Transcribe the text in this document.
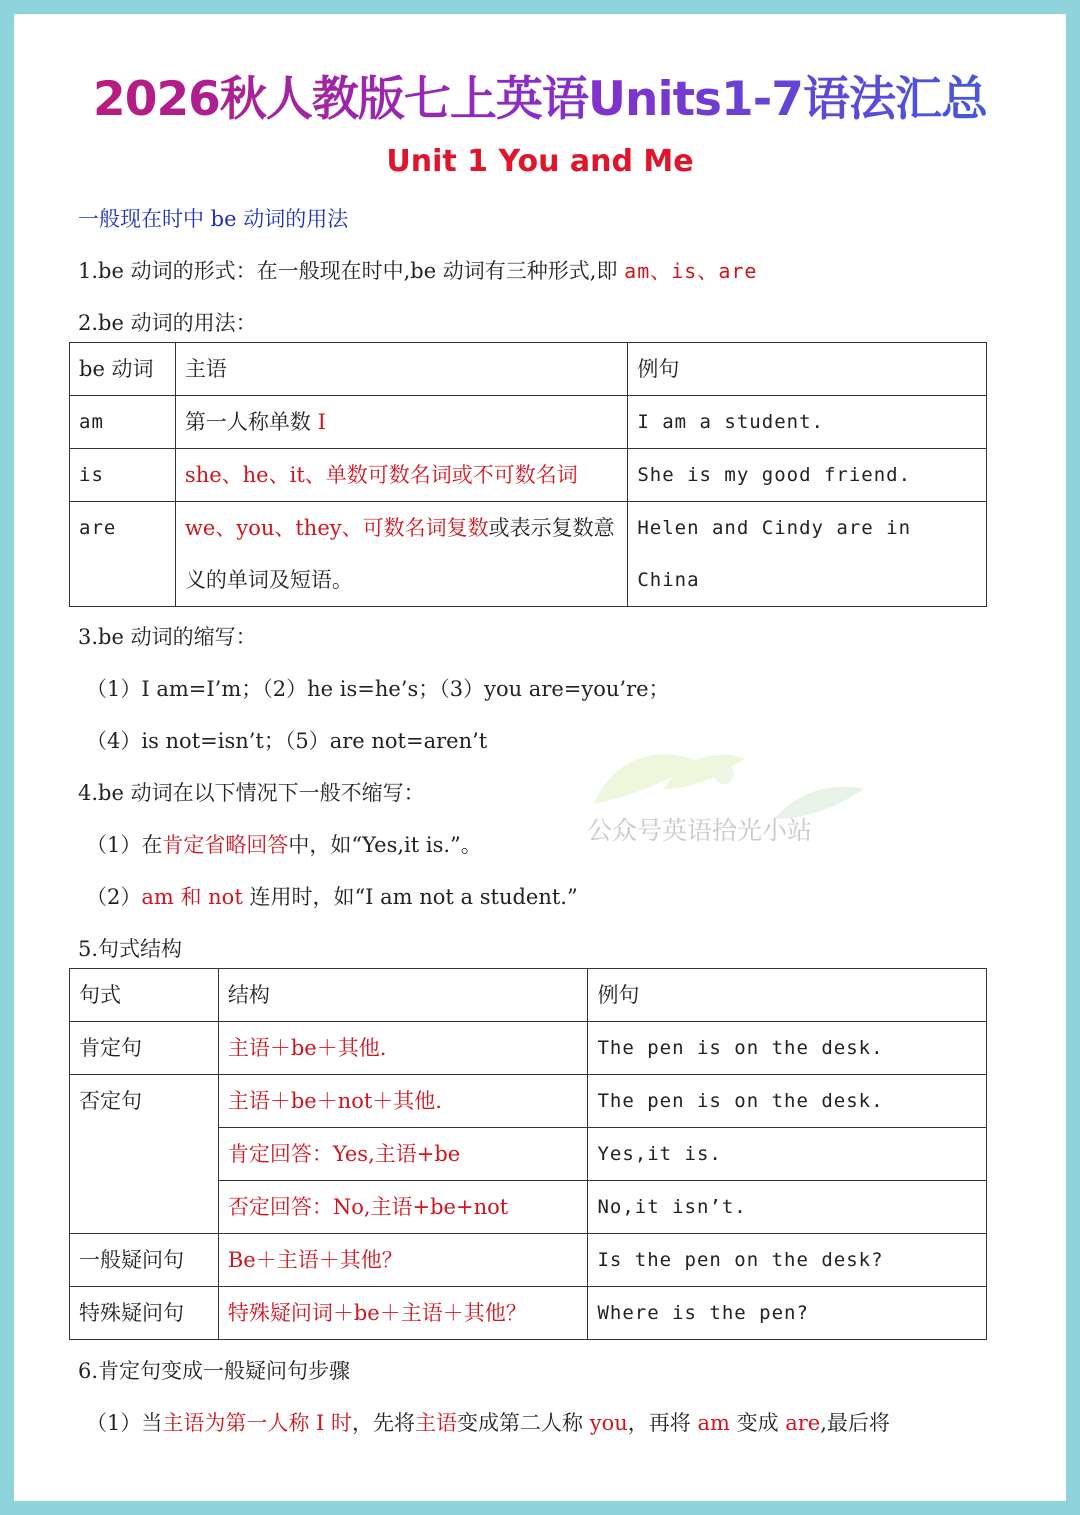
2026秋人教版七上英语Units1-7语法汇总
Unit 1 You and Me
一般现在时中 be 动词的用法
1.be 动词的形式：在一般现在时中,be 动词有三种形式,即 am、is、are
2.be 动词的用法：
be 动词	主语	例句
am	第一人称单数 I	I am a student.
is	she、he、it、单数可数名词或不可数名词	She is my good friend.
are	we、you、they、可数名词复数或表示复数意义的单词及短语。	Helen and Cindy are in China
3.be 动词的缩写：
（1）I am=I’m；（2）he is=he’s；（3）you are=you’re；
（4）is not=isn’t；（5）are not=aren’t
4.be 动词在以下情况下一般不缩写：
（1）在肯定省略回答中，如“Yes,it is.”。
（2）am 和 not 连用时，如“I am not a student.”
5.句式结构
句式	结构	例句
肯定句	主语＋be＋其他.	The pen is on the desk.
否定句	主语＋be＋not＋其他.	The pen is on the desk.
	肯定回答：Yes,主语+be	Yes,it is.
	否定回答：No,主语+be+not	No,it isn’t.
一般疑问句	Be＋主语＋其他？	Is the pen on the desk?
特殊疑问句	特殊疑问词＋be＋主语＋其他？	Where is the pen?
6.肯定句变成一般疑问句步骤
（1）当主语为第一人称 I 时，先将主语变成第二人称 you，再将 am 变成 are,最后将
公众号英语拾光小站
